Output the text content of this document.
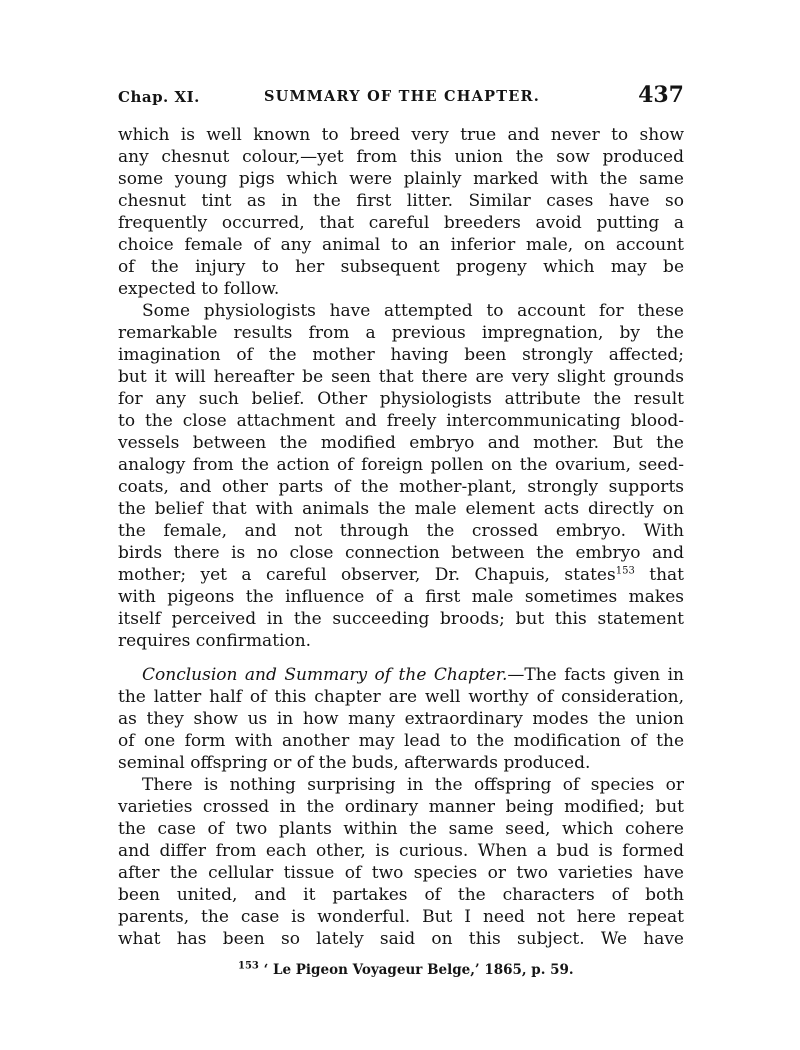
Chap. XI.	SUMMARY OF THE CHAPTER.	437
which is well known to breed very true and never to show
any chesnut colour,—yet from this union the sow produced
some young pigs which were plainly marked with the same
chesnut tint as in the first litter. Similar cases have so
frequently occurred, that careful breeders avoid putting a
choice female of any animal to an inferior male, on account
of the injury to her subsequent progeny which may be
expected to follow.
Some physiologists have attempted to account for these
remarkable results from a previous impregnation, by the
imagination of the mother having been strongly affected;
but it will hereafter be seen that there are very slight grounds
for any such belief. Other physiologists attribute the result
to the close attachment and freely intercommunicating blood-
vessels between the modified embryo and mother. But the
analogy from the action of foreign pollen on the ovarium, seed-
coats, and other parts of the mother-plant, strongly supports
the belief that with animals the male element acts directly on
the female, and not through the crossed embryo. With
birds there is no close connection between the embryo and
mother; yet a careful observer, Dr. Chapuis, states$^{153}$ that
with pigeons the influence of a first male sometimes makes
itself perceived in the succeeding broods; but this statement
requires confirmation.
Conclusion and Summary of the Chapter.—The facts given in
the latter half of this chapter are well worthy of consideration,
as they show us in how many extraordinary modes the union
of one form with another may lead to the modification of the
seminal offspring or of the buds, afterwards produced.
There is nothing surprising in the offspring of species or
varieties crossed in the ordinary manner being modified; but
the case of two plants within the same seed, which cohere
and differ from each other, is curious. When a bud is formed
after the cellular tissue of two species or two varieties have
been united, and it partakes of the characters of both
parents, the case is wonderful. But I need not here repeat
what has been so lately said on this subject. We have
$^{153}$ ‘ Le Pigeon Voyageur Belge,’ 1865, p. 59.
